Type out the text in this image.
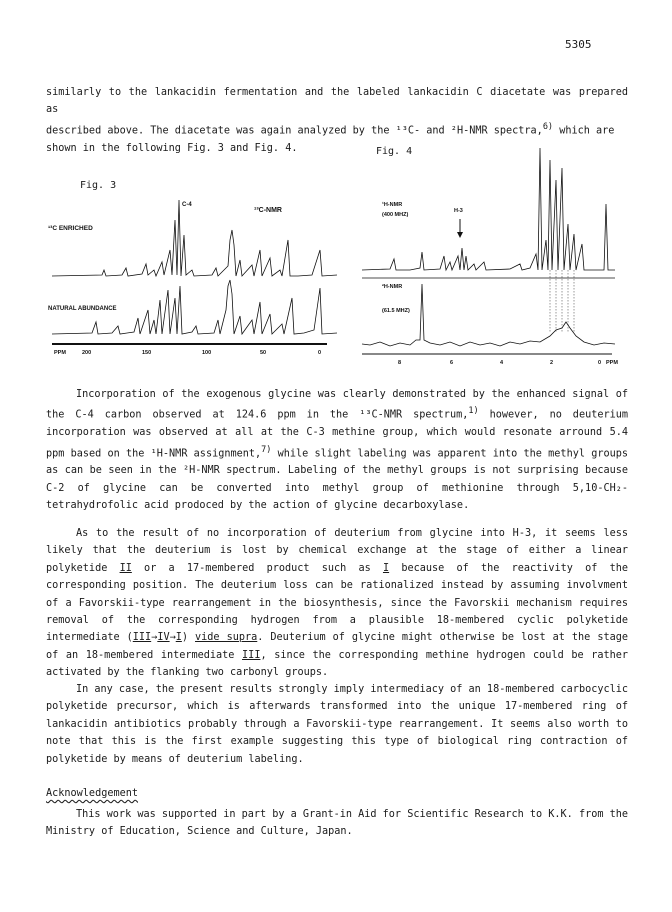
5305

similarly to the lankacidin fermentation and the labeled lankacidin C diacetate was prepared as
described above. The diacetate was again analyzed by the ¹³C- and ²H-NMR spectra,$^{6)}$ which are
shown in the following Fig. 3 and Fig. 4.	Fig. 4
Fig. 3
C-4
¹³C-NMR
¹³C ENRICHED
NATURAL ABUNDANCE
PPM	200	150	100	50	0
¹H-NMR
(400 MHZ)
H-3
²H-NMR
(61.5 MHZ)
8	6	4	2	0 PPM

Incorporation of the exogenous glycine was clearly demonstrated by the enhanced signal of the C-4 carbon observed at 124.6 ppm in the ¹³C-NMR spectrum,$^{1)}$ however, no deuterium incorporation was observed at all at the C-3 methine group, which would resonate arround 5.4 ppm based on the ¹H-NMR assignment,$^{7)}$ while slight labeling was apparent into the methyl groups as can be seen in the ²H-NMR spectrum. Labeling of the methyl groups is not surprising because C-2 of glycine can be converted into methyl group of methionine through 5,10-CH₂-tetrahydrofolic acid prodoced by the action of glycine decarboxylase.

As to the result of no incorporation of deuterium from glycine into H-3, it seems less likely that the deuterium is lost by chemical exchange at the stage of either a linear polyketide II or a 17-membered product such as I because of the reactivity of the corresponding position. The deuterium loss can be rationalized instead by assuming involvment of a Favorskii-type rearrangement in the biosynthesis, since the Favorskii mechanism requires removal of the corresponding hydrogen from a plausible 18-membered cyclic polyketide intermediate (III→IV→I) vide supra. Deuterium of glycine might otherwise be lost at the stage of an 18-membered intermediate III, since the corresponding methine hydrogen could be rather activated by the flanking two carbonyl groups.

In any case, the present results strongly imply intermediacy of an 18-membered carbocyclic polyketide precursor, which is afterwards transformed into the unique 17-membered ring of lankacidin antibiotics probably through a Favorskii-type rearrangement. It seems also worth to note that this is the first example suggesting this type of biological ring contraction of polyketide by means of deuterium labeling.

Acknowledgement

This work was supported in part by a Grant-in Aid for Scientific Research to K.K. from the Ministry of Education, Science and Culture, Japan.
